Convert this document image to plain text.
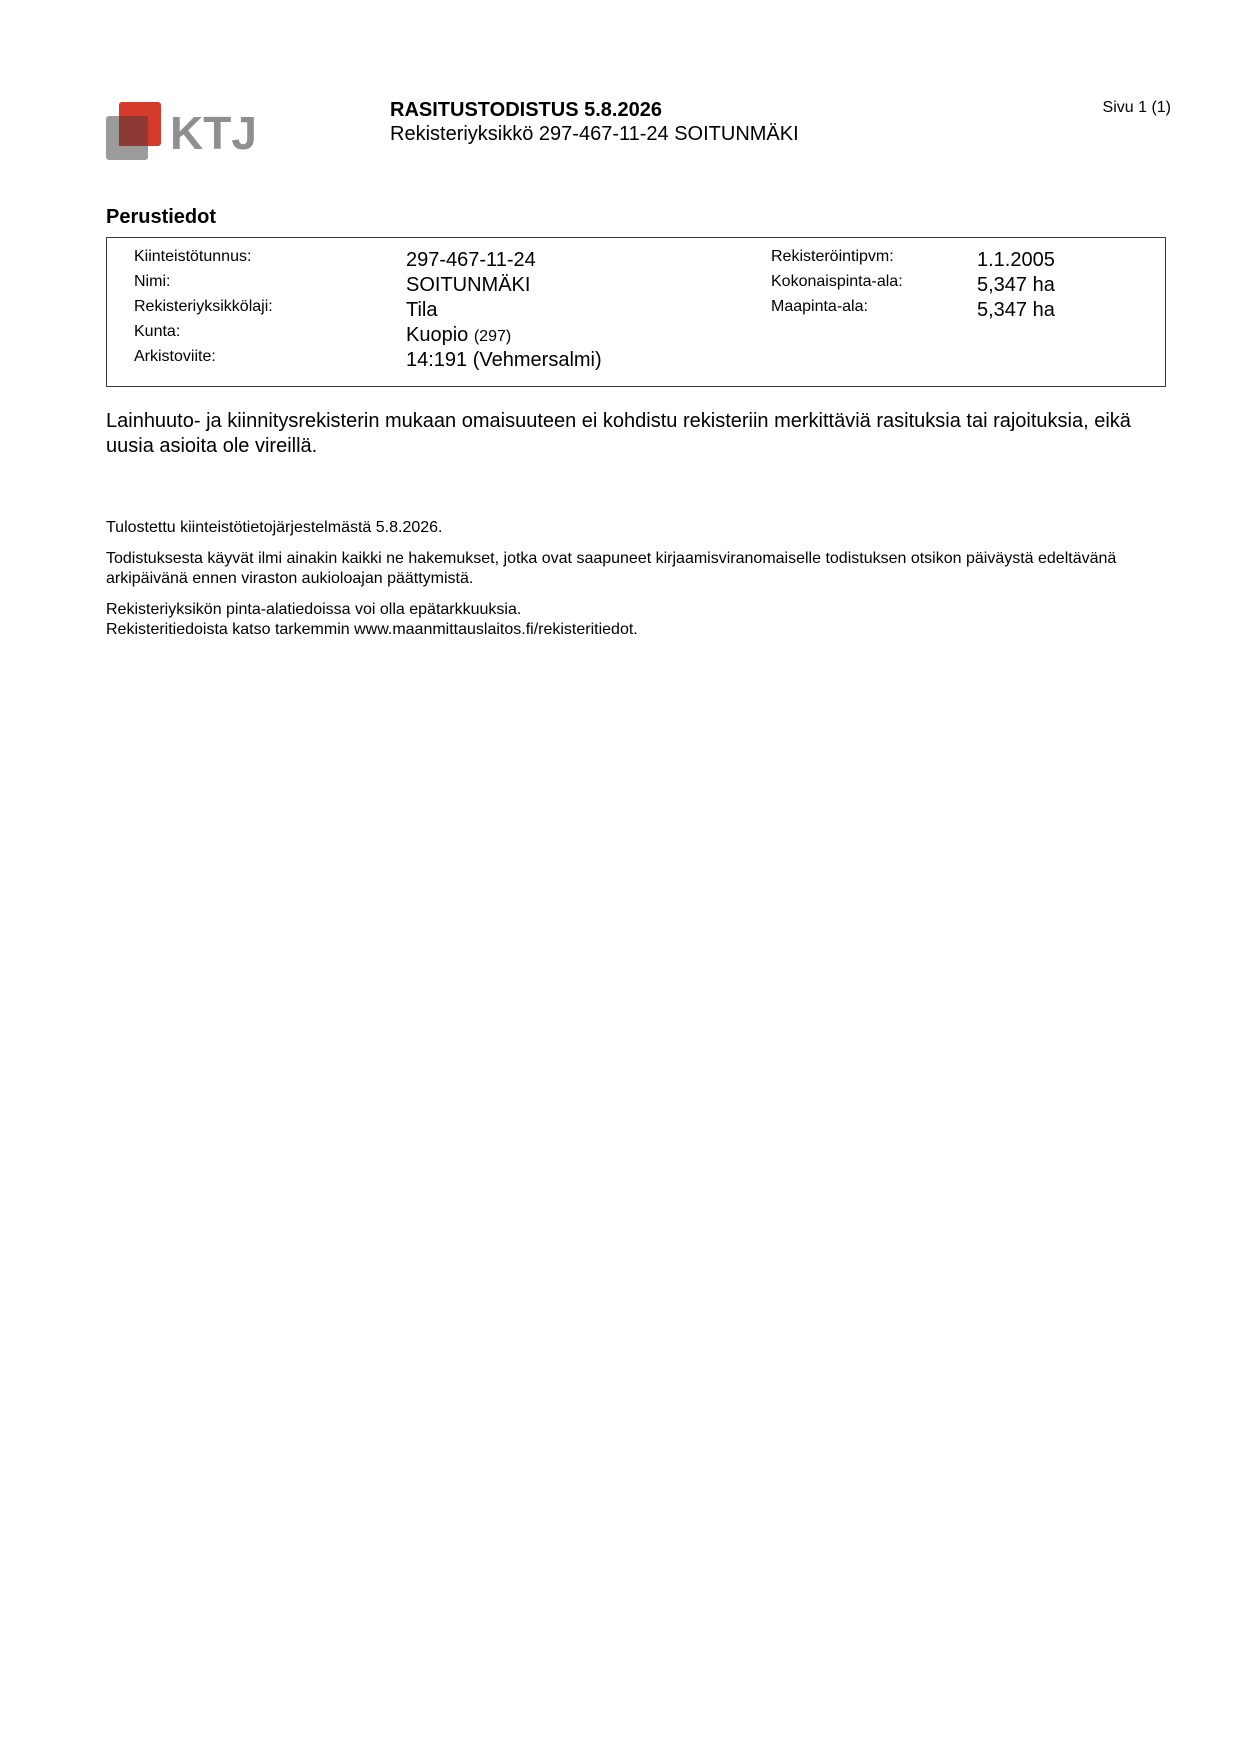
KTJ	RASITUSTODISTUS 5.8.2026
Rekisteriyksikkö 297-467-11-24 SOITUNMÄKI
Sivu 1 (1)
Perustiedot
Kiinteistötunnus:	297-467-11-24	Rekisteröintipvm:	1.1.2005
Nimi:	SOITUNMÄKI	Kokonaispinta-ala:	5,347 ha
Rekisteriyksikkölaji:	Tila	Maapinta-ala:	5,347 ha
Kunta:	Kuopio (297)
Arkistoviite:	14:191 (Vehmersalmi)
Lainhuuto- ja kiinnitysrekisterin mukaan omaisuuteen ei kohdistu rekisteriin merkittäviä rasituksia tai rajoituksia, eikä uusia asioita ole vireillä.

Tulostettu kiinteistötietojärjestelmästä 5.8.2026.

Todistuksesta käyvät ilmi ainakin kaikki ne hakemukset, jotka ovat saapuneet kirjaamisviranomaiselle todistuksen otsikon päiväystä edeltävänä arkipäivänä ennen viraston aukioloajan päättymistä.

Rekisteriyksikön pinta-alatiedoissa voi olla epätarkkuuksia.
Rekisteritiedoista katso tarkemmin www.maanmittauslaitos.fi/rekisteritiedot.
